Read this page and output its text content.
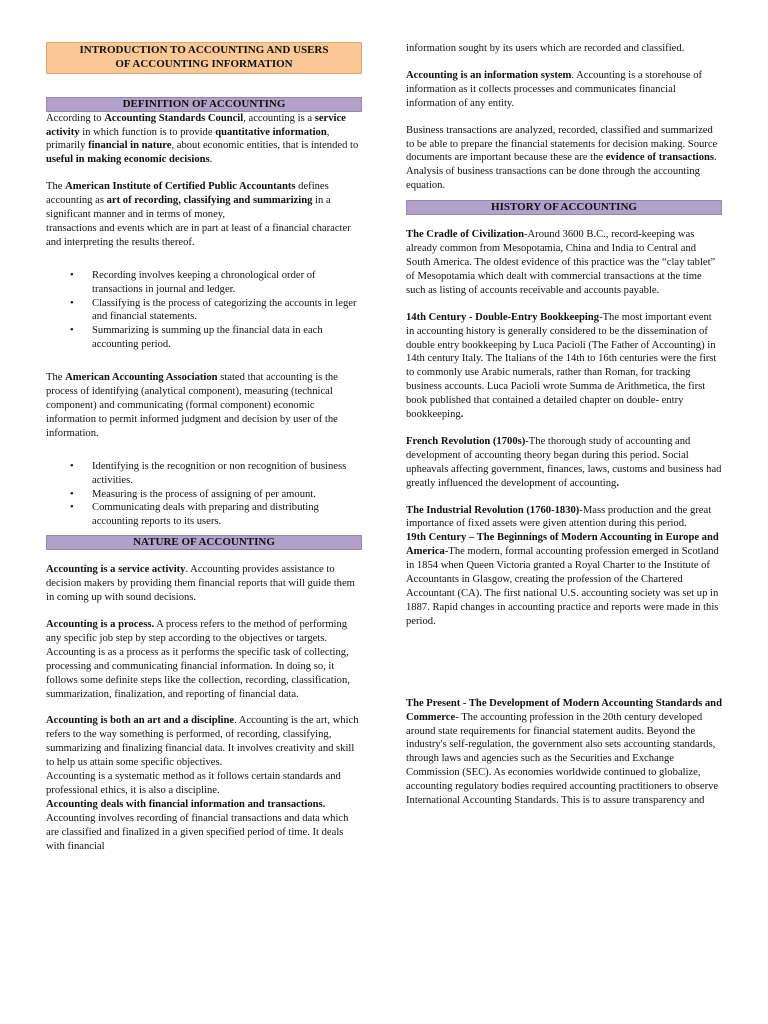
INTRODUCTION TO ACCOUNTING AND USERS
OF ACCOUNTING INFORMATION
DEFINITION OF ACCOUNTING

According to Accounting Standards Council, accounting is a service activity in which function is to provide quantitative information, primarily financial in nature, about economic entities, that is intended to useful in making economic decisions.

The American Institute of Certified Public Accountants defines accounting as art of recording, classifying and summarizing in a significant manner and in terms of money,

transactions and events which are in part at least of a financial character and interpreting the results thereof.

• Recording involves keeping a chronological order of transactions in journal and ledger.
• Classifying is the process of categorizing the accounts in leger and financial statements.
• Summarizing is summing up the financial data in each accounting period.

The American Accounting Association stated that accounting is the process of identifying (analytical component), measuring (technical component) and communicating (formal component) economic information to permit informed judgment and decision by user of the information.

• Identifying is the recognition or non recognition of business activities.
• Measuring is the process of assigning of per amount.
• Communicating deals with preparing and distributing accounting reports to its users.
NATURE OF ACCOUNTING

Accounting is a service activity. Accounting provides assistance to decision makers by providing them financial reports that will guide them in coming up with sound decisions.

Accounting is a process. A process refers to the method of performing any specific job step by step according to the objectives or targets. Accounting is as a process as it performs the specific task of collecting, processing and communicating financial information. In doing so, it follows some definite steps like the collection, recording, classification, summarization, finalization, and reporting of financial data.

Accounting is both an art and a discipline. Accounting is the art, which refers to the way something is performed, of recording, classifying, summarizing and finalizing financial data. It involves creativity and skill to help us attain some specific objectives.

Accounting is a systematic method as it follows certain standards and professional ethics, it is also a discipline.

Accounting deals with financial information and transactions. Accounting involves recording of financial transactions and data which are classified and finalized in a given specified period of time. It deals with financial

information sought by its users which are recorded and classified.

Accounting is an information system. Accounting is a storehouse of information as it collects processes and communicates financial information of any entity.

Business transactions are analyzed, recorded, classified and summarized to be able to prepare the financial statements for decision making. Source documents are important because these are the evidence of transactions. Analysis of business transactions can be done through the accounting equation.

HISTORY OF ACCOUNTING

The Cradle of Civilization-Around 3600 B.C., record-keeping was already common from Mesopotamia, China and India to Central and South America. The oldest evidence of this practice was the “clay tablet” of Mesopotamia which dealt with commercial transactions at the time such as listing of accounts receivable and accounts payable.

14th Century - Double-Entry Bookkeeping-The most important event in accounting history is generally considered to be the dissemination of double entry bookkeeping by Luca Pacioli (The Father of Accounting) in 14th century Italy. The Italians of the 14th to 16th centuries were the first to commonly use Arabic numerals, rather than Roman, for tracking business accounts. Luca Pacioli wrote Summa de Arithmetica, the first book published that contained a detailed chapter on double- entry bookkeeping.

French Revolution (1700s)-The thorough study of accounting and development of accounting theory began during this period. Social upheavals affecting government, finances, laws, customs and business had greatly influenced the development of accounting.

The Industrial Revolution (1760-1830)-Mass production and the great importance of fixed assets were given attention during this period.

19th Century – The Beginnings of Modern Accounting in Europe and America-The modern, formal accounting profession emerged in Scotland in 1854 when Queen Victoria granted a Royal Charter to the Institute of Accountants in Glasgow, creating the profession of the Chartered Accountant (CA). The first national U.S. accounting society was set up in 1887. Rapid changes in accounting practice and reports were made in this period.

The Present - The Development of Modern Accounting Standards and Commerce- The accounting profession in the 20th century developed around state requirements for financial statement audits. Beyond the industry's self-regulation, the government also sets accounting standards, through laws and agencies such as the Securities and Exchange Commission (SEC). As economies worldwide continued to globalize, accounting regulatory bodies required accounting practitioners to observe International Accounting Standards. This is to assure transparency and
